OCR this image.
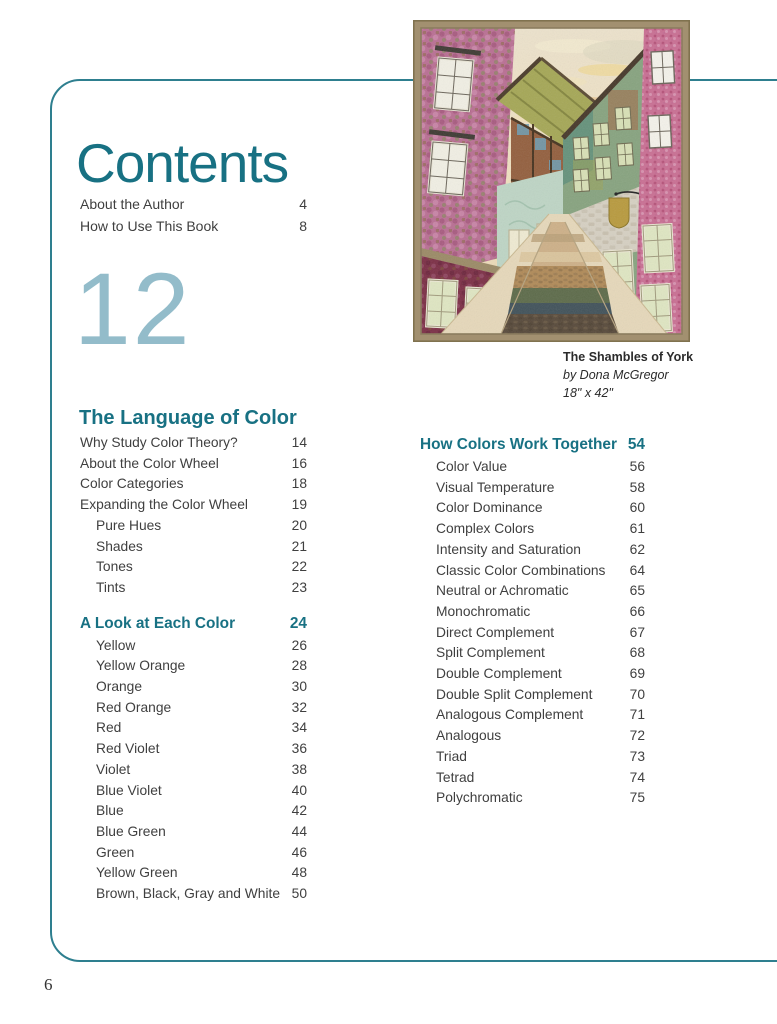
Contents
About the Author	4
How to Use This Book	8
12
The Language of Color
Why Study Color Theory?	14
About the Color Wheel	16
Color Categories	18
Expanding the Color Wheel	19
Pure Hues	20
Shades	21
Tones	22
Tints	23
A Look at Each Color	24
Yellow	26
Yellow Orange	28
Orange	30
Red Orange	32
Red	34
Red Violet	36
Violet	38
Blue Violet	40
Blue	42
Blue Green	44
Green	46
Yellow Green	48
Brown, Black, Gray and White 50
How Colors Work Together 54
Color Value	56
Visual Temperature	58
Color Dominance	60
Complex Colors	61
Intensity and Saturation	62
Classic Color Combinations 64
Neutral or Achromatic	65
Monochromatic	66
Direct Complement	67
Split Complement	68
Double Complement	69
Double Split Complement	70
Analogous Complement	71
Analogous	72
Triad	73
Tetrad	74
Polychromatic	75
The Shambles of York
by Dona McGregor
18" x 42"
6
